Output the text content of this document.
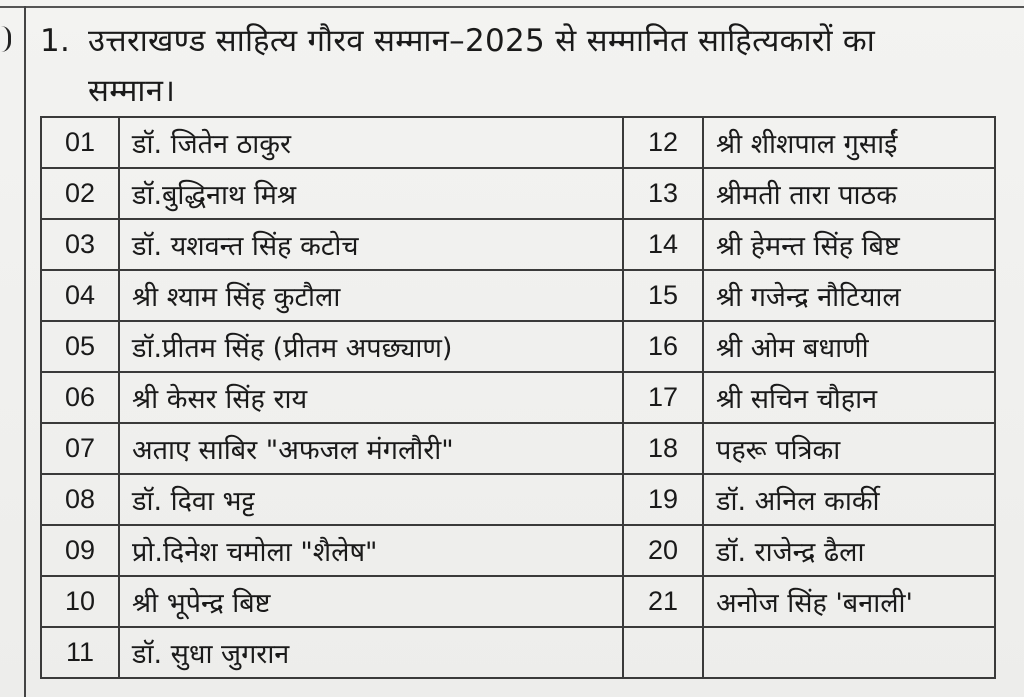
1. उत्तराखण्ड साहित्य गौरव सम्मान–2025 से सम्मानित साहित्यकारों का
सम्मान।
01	डॉ. जितेन ठाकुर	12	श्री शीशपाल गुसाईं
02	डॉ.बुद्धिनाथ मिश्र	13	श्रीमती तारा पाठक
03	डॉ. यशवन्त सिंह कटोच	14	श्री हेमन्त सिंह बिष्ट
04	श्री श्याम सिंह कुटौला	15	श्री गजेन्द्र नौटियाल
05	डॉ.प्रीतम सिंह (प्रीतम अपछ्याण)	16	श्री ओम बधाणी
06	श्री केसर सिंह राय	17	श्री सचिन चौहान
07	अताए साबिर "अफजल मंगलौरी"	18	पहरू पत्रिका
08	डॉ. दिवा भट्ट	19	डॉ. अनिल कार्की
09	प्रो.दिनेश चमोला "शैलेष"	20	डॉ. राजेन्द्र ढैला
10	श्री भूपेन्द्र बिष्ट	21	अनोज सिंह 'बनाली'
11	डॉ. सुधा जुगरान		
